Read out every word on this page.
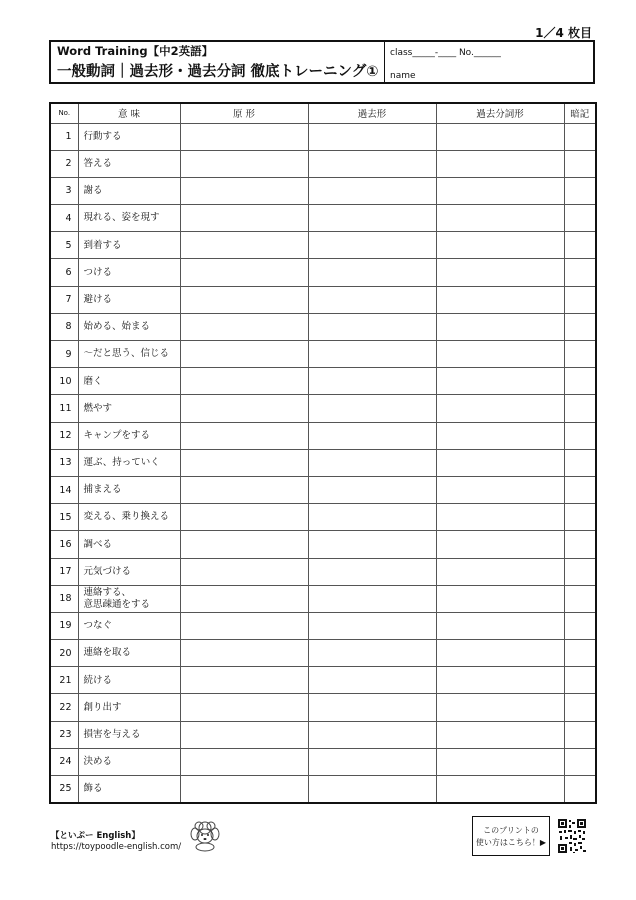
1／4 枚目
Word Training【中2英語】
一般動詞｜過去形・過去分詞 徹底トレーニング①
class_____-____ No.______
name
No.	意 味	原 形	過去形	過去分詞形	暗記
1	行動する				
2	答える				
3	謝る				
4	現れる、姿を現す				
5	到着する				
6	つける				
7	避ける				
8	始める、始まる				
9	～だと思う、信じる				
10	磨く				
11	燃やす				
12	キャンプをする				
13	運ぶ、持っていく				
14	捕まえる				
15	変える、乗り換える				
16	調べる				
17	元気づける				
18	連絡する、
意思疎通をする				
19	つなぐ				
20	連絡を取る				
21	続ける				
22	創り出す				
23	損害を与える				
24	決める				
25	飾る				
【といぷー English】
https://toypoodle-english.com/
このプリントの
使い方はこちら！▶
